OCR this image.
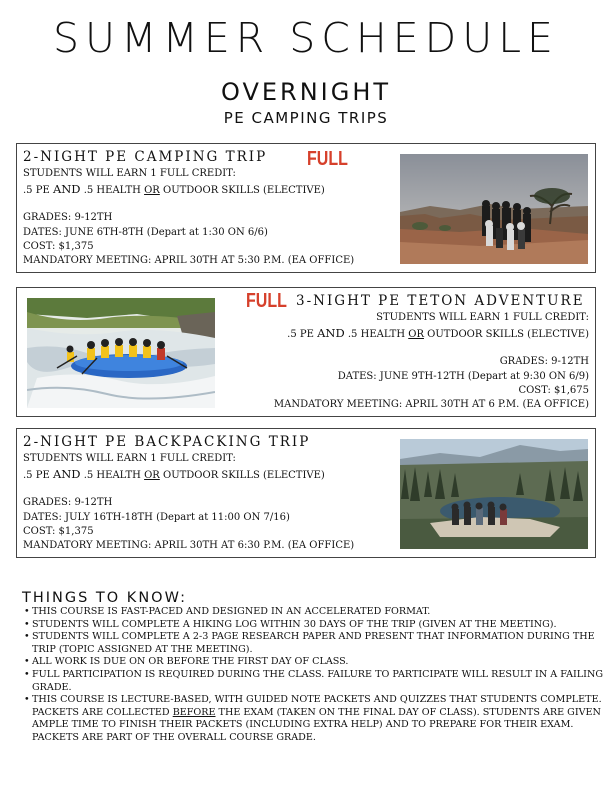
SUMMER SCHEDULE
OVERNIGHT
PE CAMPING TRIPS
2-NIGHT PE CAMPING TRIP FULL
STUDENTS WILL EARN 1 FULL CREDIT:
.5 PE AND .5 HEALTH OR OUTDOOR SKILLS (ELECTIVE)
GRADES: 9-12TH
DATES: JUNE 6TH-8TH (Depart at 1:30 ON 6/6)
COST: $1,375
MANDATORY MEETING: APRIL 30TH AT 5:30 P.M. (EA OFFICE)
FULL 3-NIGHT PE TETON ADVENTURE
STUDENTS WILL EARN 1 FULL CREDIT:
.5 PE AND .5 HEALTH OR OUTDOOR SKILLS (ELECTIVE)
GRADES: 9-12TH
DATES: JUNE 9TH-12TH (Depart at 9:30 ON 6/9)
COST: $1,675
MANDATORY MEETING: APRIL 30TH AT 6 P.M. (EA OFFICE)
2-NIGHT PE BACKPACKING TRIP
STUDENTS WILL EARN 1 FULL CREDIT:
.5 PE AND .5 HEALTH OR OUTDOOR SKILLS (ELECTIVE)
GRADES: 9-12TH
DATES: JULY 16TH-18TH (Depart at 11:00 ON 7/16)
COST: $1,375
MANDATORY MEETING: APRIL 30TH AT 6:30 P.M. (EA OFFICE)
THINGS TO KNOW:
• THIS COURSE IS FAST-PACED AND DESIGNED IN AN ACCELERATED FORMAT.
• STUDENTS WILL COMPLETE A HIKING LOG WITHIN 30 DAYS OF THE TRIP (GIVEN AT THE MEETING).
• STUDENTS WILL COMPLETE A 2-3 PAGE RESEARCH PAPER AND PRESENT THAT INFORMATION DURING THE TRIP (TOPIC ASSIGNED AT THE MEETING).
• ALL WORK IS DUE ON OR BEFORE THE FIRST DAY OF CLASS.
• FULL PARTICIPATION IS REQUIRED DURING THE CLASS. FAILURE TO PARTICIPATE WILL RESULT IN A FAILING GRADE.
• THIS COURSE IS LECTURE-BASED, WITH GUIDED NOTE PACKETS AND QUIZZES THAT STUDENTS COMPLETE. PACKETS ARE COLLECTED BEFORE THE EXAM (TAKEN ON THE FINAL DAY OF CLASS). STUDENTS ARE GIVEN AMPLE TIME TO FINISH THEIR PACKETS (INCLUDING EXTRA HELP) AND TO PREPARE FOR THEIR EXAM. PACKETS ARE PART OF THE OVERALL COURSE GRADE.
